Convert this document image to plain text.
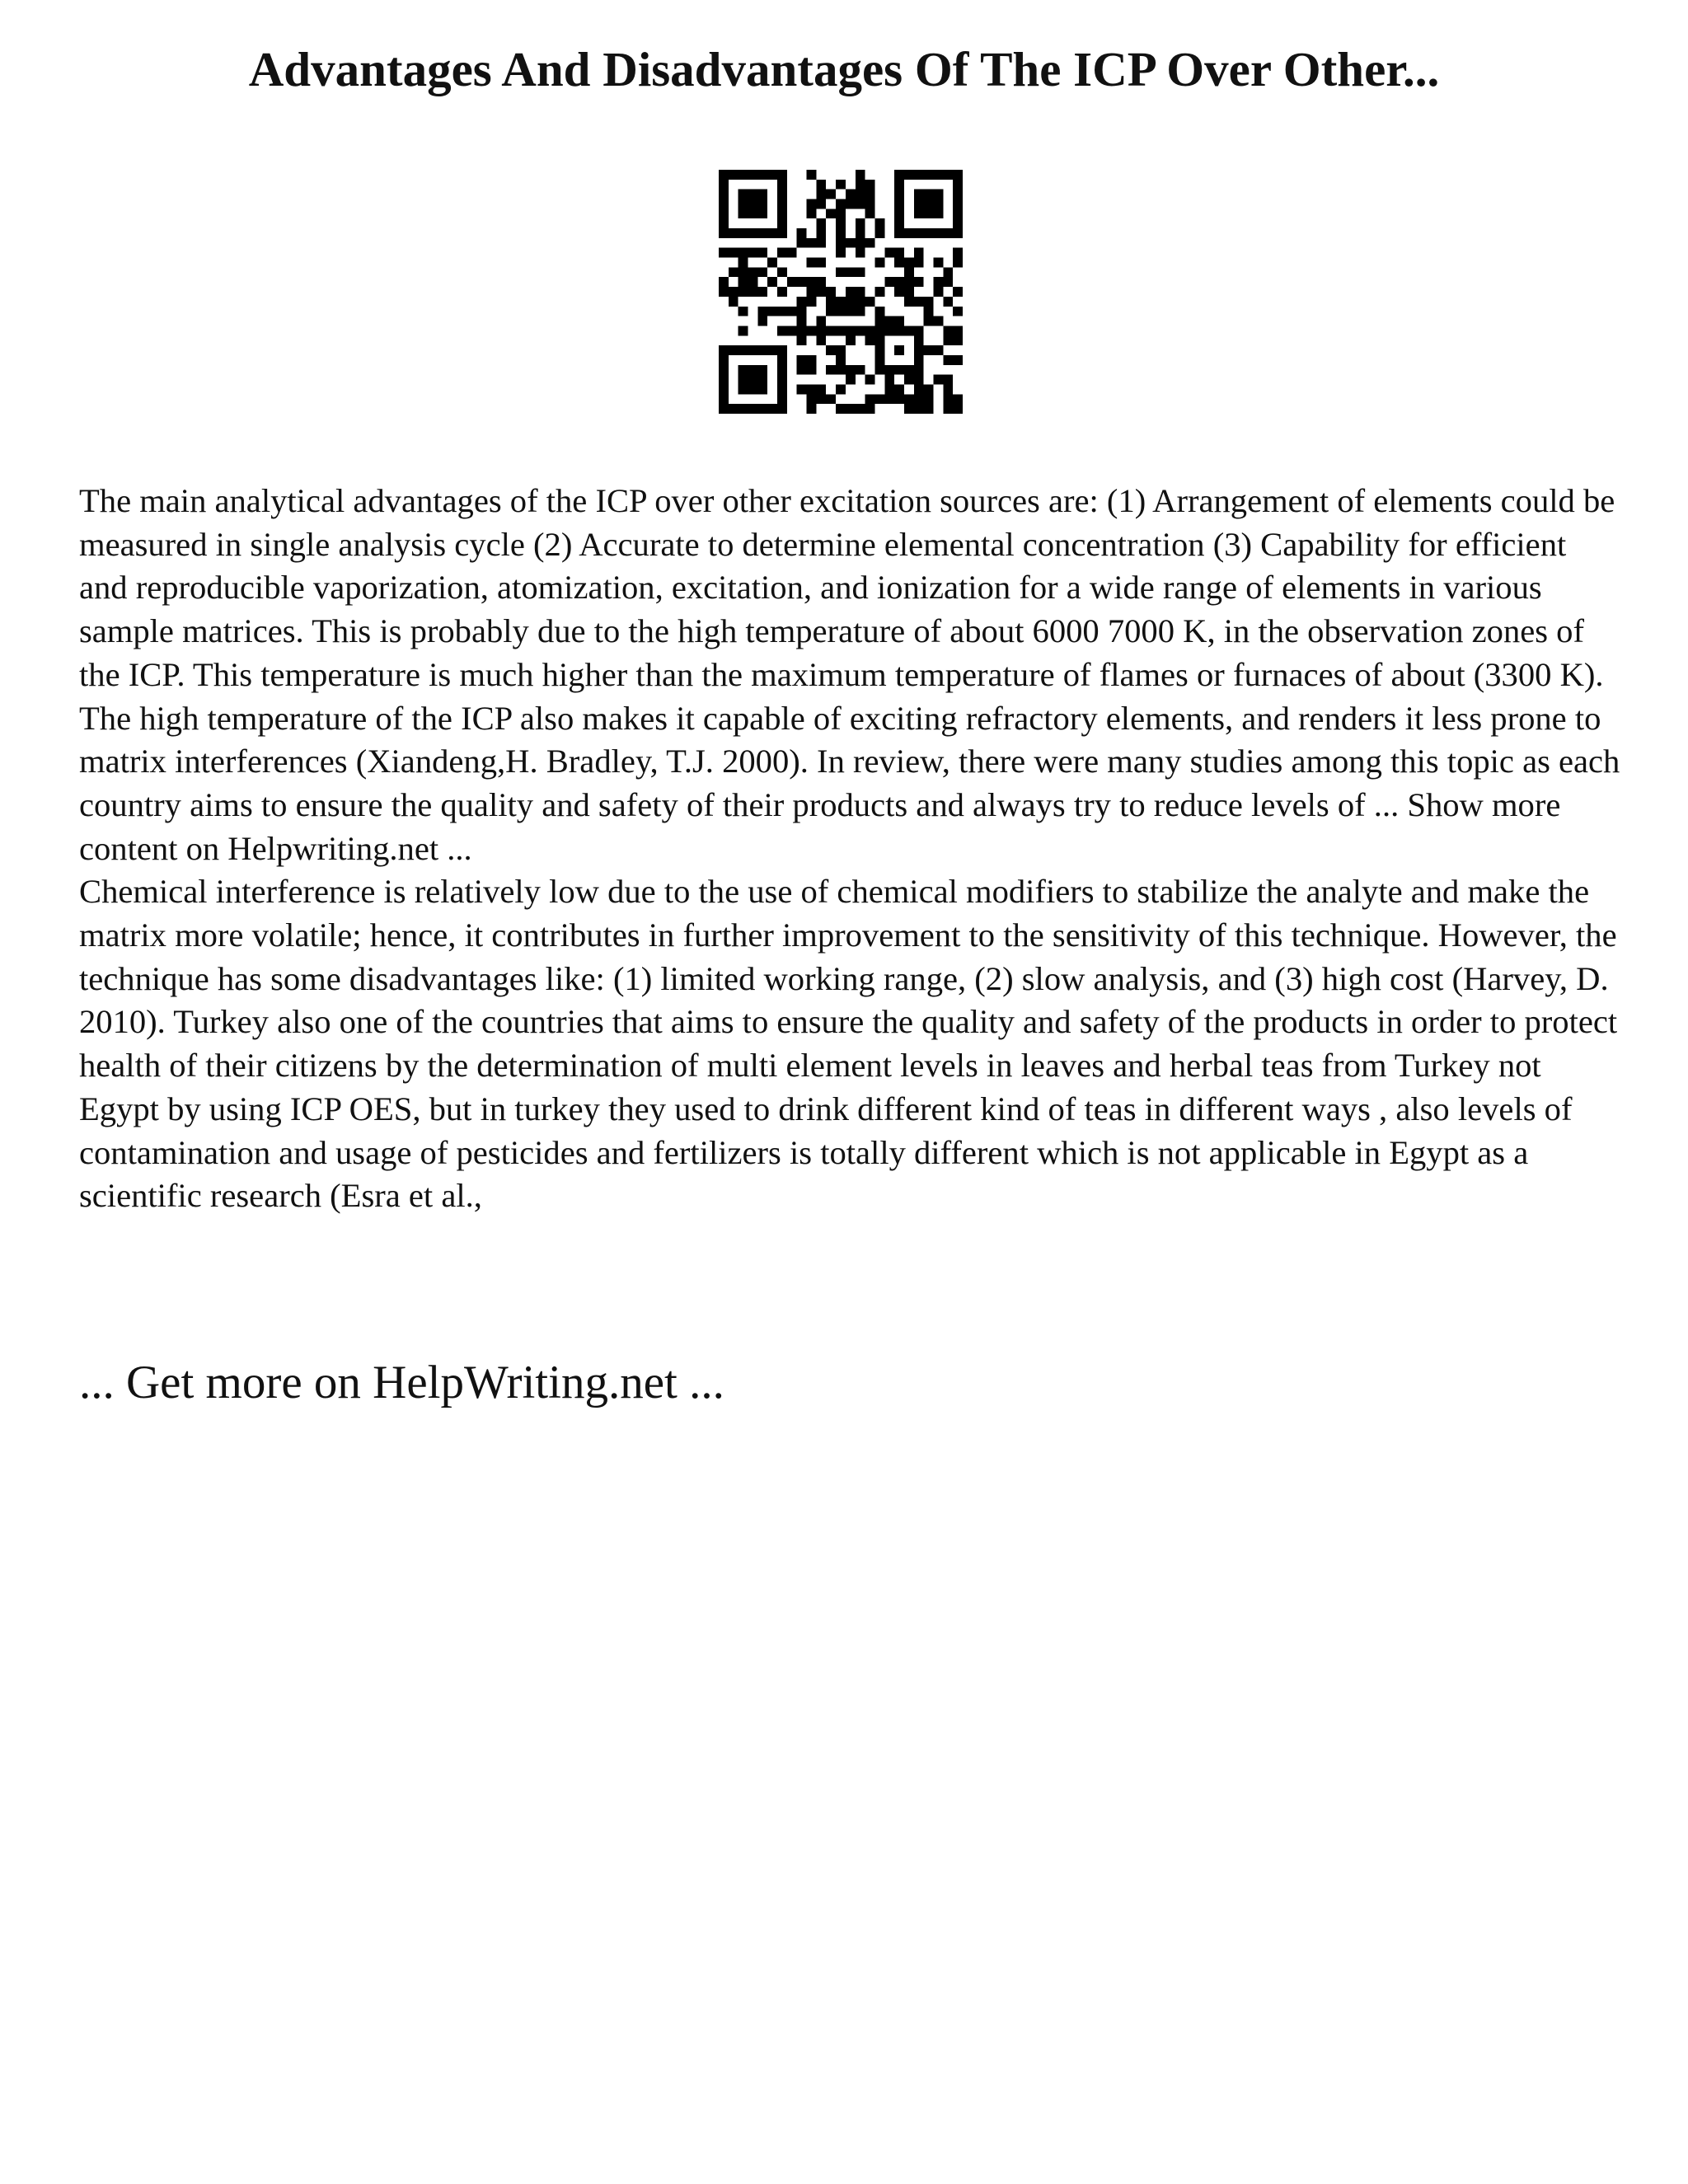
Advantages And Disadvantages Of The ICP Over Other...

The main analytical advantages of the ICP over other excitation sources are: (1) Arrangement of elements could be measured in single analysis cycle (2) Accurate to determine elemental concentration (3) Capability for efficient and reproducible vaporization, atomization, excitation, and ionization for a wide range of elements in various sample matrices. This is probably due to the high temperature of about 6000 7000 K, in the observation zones of the ICP. This temperature is much higher than the maximum temperature of flames or furnaces of about (3300 K). The high temperature of the ICP also makes it capable of exciting refractory elements, and renders it less prone to matrix interferences (Xiandeng,H. Bradley, T.J. 2000). In review, there were many studies among this topic as each country aims to ensure the quality and safety of their products and always try to reduce levels of ... Show more content on Helpwriting.net ...

Chemical interference is relatively low due to the use of chemical modifiers to stabilize the analyte and make the matrix more volatile; hence, it contributes in further improvement to the sensitivity of this technique. However, the technique has some disadvantages like: (1) limited working range, (2) slow analysis, and (3) high cost (Harvey, D. 2010). Turkey also one of the countries that aims to ensure the quality and safety of the products in order to protect health of their citizens by the determination of multi element levels in leaves and herbal teas from Turkey not Egypt by using ICP OES, but in turkey they used to drink different kind of teas in different ways , also levels of contamination and usage of pesticides and fertilizers is totally different which is not applicable in Egypt as a scientific research (Esra et al.,

... Get more on HelpWriting.net ...
